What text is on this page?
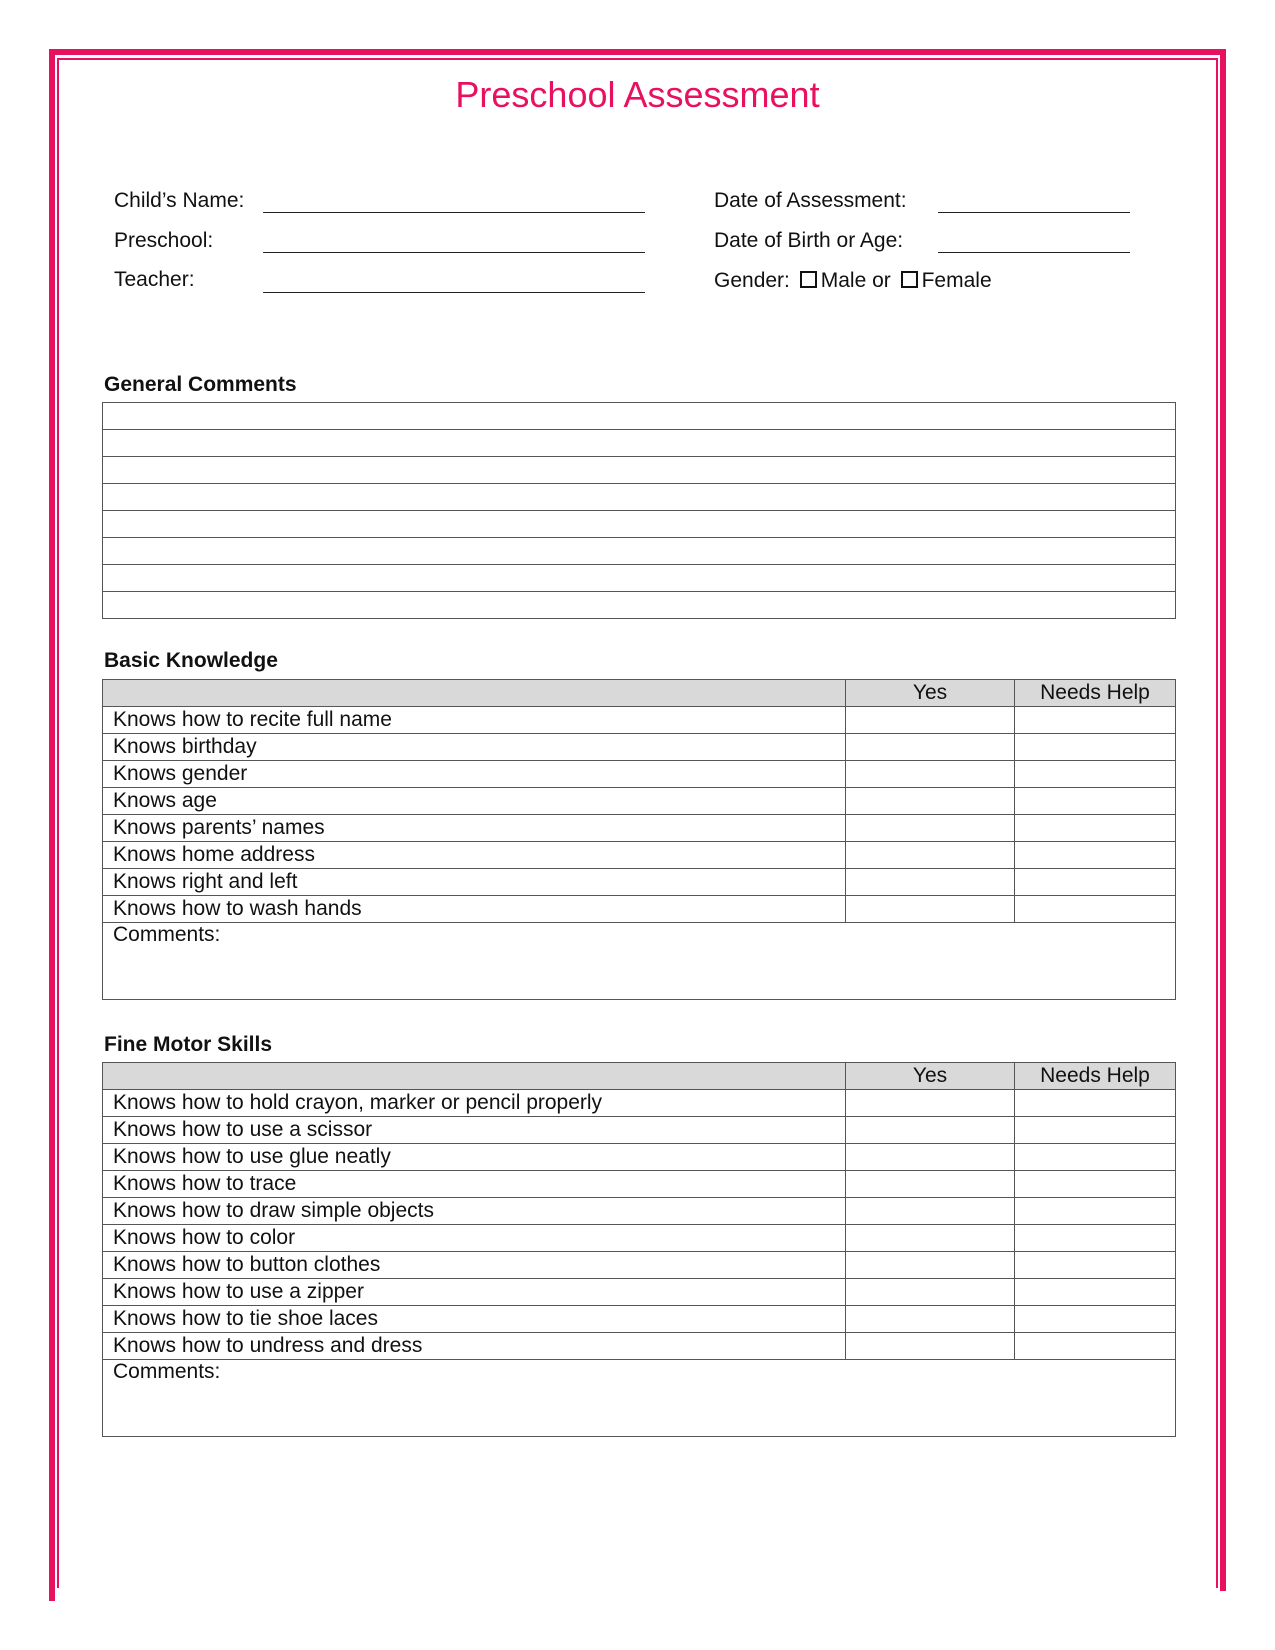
Preschool Assessment
Child’s Name:
Preschool:
Teacher:
Date of Assessment:
Date of Birth or Age:
Gender: Male or Female
General Comments
Basic Knowledge
	Yes	Needs Help
Knows how to recite full name		
Knows birthday		
Knows gender		
Knows age		
Knows parents’ names		
Knows home address		
Knows right and left		
Knows how to wash hands		
Comments:		
Fine Motor Skills
	Yes	Needs Help
Knows how to hold crayon, marker or pencil properly		
Knows how to use a scissor		
Knows how to use glue neatly		
Knows how to trace		
Knows how to draw simple objects		
Knows how to color		
Knows how to button clothes		
Knows how to use a zipper		
Knows how to tie shoe laces		
Knows how to undress and dress		
Comments:		
